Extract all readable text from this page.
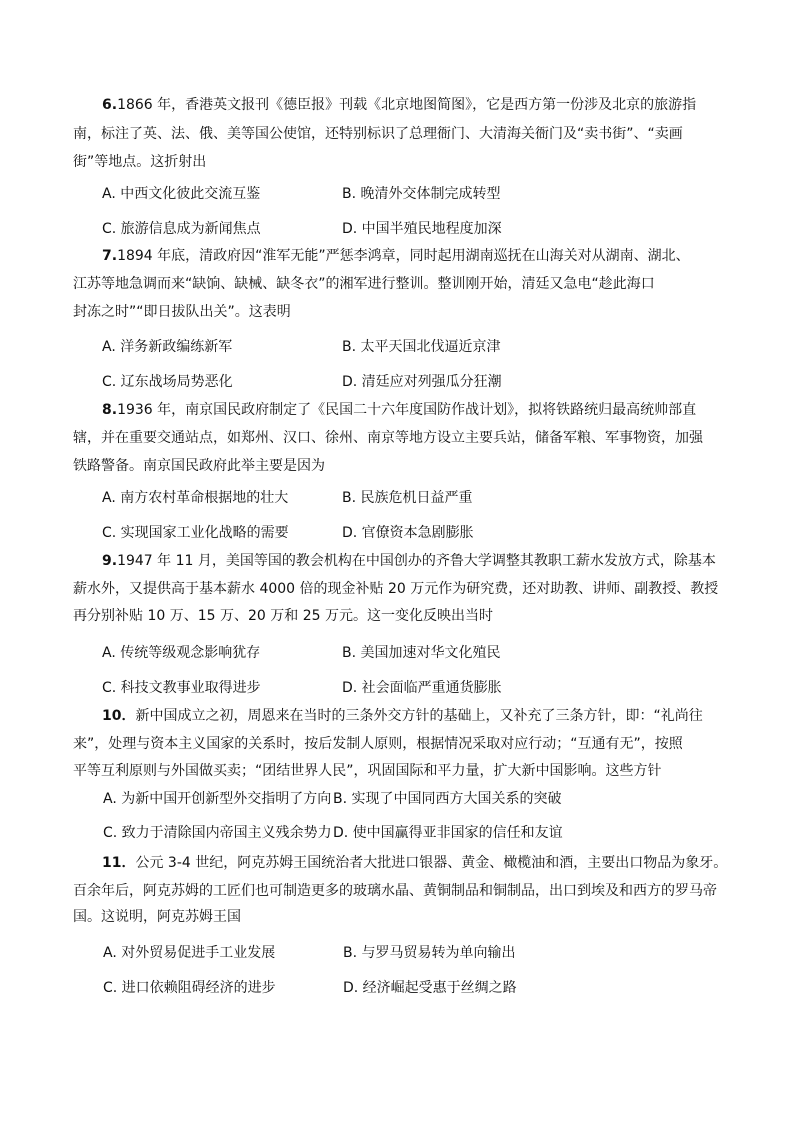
6.1866 年，香港英文报刊《德臣报》刊载《北京地图简图》，它是西方第一份涉及北京的旅游指
南，标注了英、法、俄、美等国公使馆，还特别标识了总理衙门、大清海关衙门及“卖书街”、“卖画
街”等地点。这折射出
A. 中西文化彼此交流互鉴	B. 晚清外交体制完成转型
C. 旅游信息成为新闻焦点	D. 中国半殖民地程度加深
7.1894 年底，清政府因“淮军无能”严惩李鸿章，同时起用湖南巡抚在山海关对从湖南、湖北、
江苏等地急调而来“缺饷、缺械、缺冬衣”的湘军进行整训。整训刚开始，清廷又急电“趁此海口
封冻之时”“即日拔队出关”。这表明
A. 洋务新政编练新军	B. 太平天国北伐逼近京津
C. 辽东战场局势恶化	D. 清廷应对列强瓜分狂潮
8.1936 年，南京国民政府制定了《民国二十六年度国防作战计划》，拟将铁路统归最高统帅部直
辖，并在重要交通站点，如郑州、汉口、徐州、南京等地方设立主要兵站，储备军粮、军事物资，加强
铁路警备。南京国民政府此举主要是因为
A. 南方农村革命根据地的壮大	B. 民族危机日益严重
C. 实现国家工业化战略的需要	D. 官僚资本急剧膨胀
9.1947 年 11 月，美国等国的教会机构在中国创办的齐鲁大学调整其教职工薪水发放方式，除基本
薪水外，又提供高于基本薪水 4000 倍的现金补贴 20 万元作为研究费，还对助教、讲师、副教授、教授
再分别补贴 10 万、15 万、20 万和 25 万元。这一变化反映出当时
A. 传统等级观念影响犹存	B. 美国加速对华文化殖民
C. 科技文教事业取得进步	D. 社会面临严重通货膨胀
10．新中国成立之初，周恩来在当时的三条外交方针的基础上，又补充了三条方针，即：“礼尚往
来”，处理与资本主义国家的关系时，按后发制人原则，根据情况采取对应行动；“互通有无”，按照
平等互利原则与外国做买卖；“团结世界人民”，巩固国际和平力量，扩大新中国影响。这些方针
A. 为新中国开创新型外交指明了方向 B. 实现了中国同西方大国关系的突破
C. 致力于清除国内帝国主义残余势力 D. 使中国赢得亚非国家的信任和友谊
11．公元 3-4 世纪，阿克苏姆王国统治者大批进口银器、黄金、橄榄油和酒，主要出口物品为象牙。
百余年后，阿克苏姆的工匠们也可制造更多的玻璃水晶、黄铜制品和铜制品，出口到埃及和西方的罗马帝
国。这说明，阿克苏姆王国
A. 对外贸易促进手工业发展	B. 与罗马贸易转为单向输出
C. 进口依赖阻碍经济的进步	D. 经济崛起受惠于丝绸之路
